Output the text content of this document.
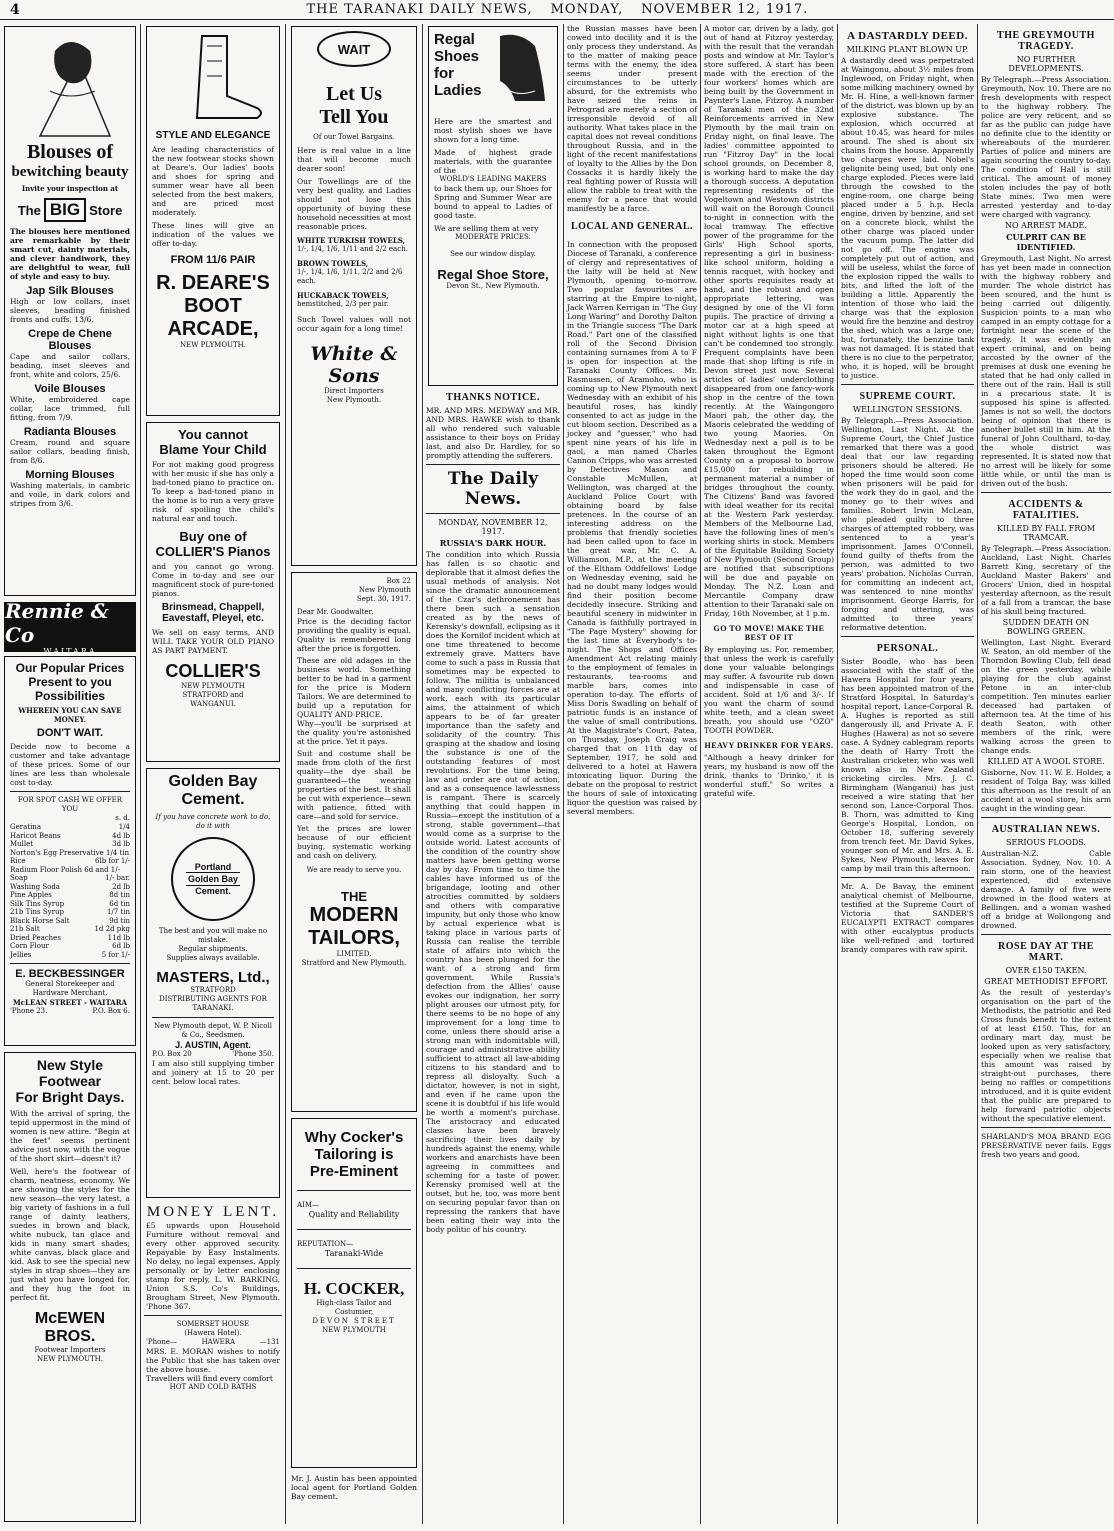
4	THE TARANAKI DAILY NEWS, MONDAY, NOVEMBER 12, 1917.
Blouses of
bewitching beauty
Invite your inspection at
The BIG Store
The blouses here mentioned are remarkable by their smart cut, dainty materials, and clever handiwork, they are delightful to wear, full of style and easy to buy.
Jap Silk Blouses
High or low collars, inset sleeves, beading finished fronts and cuffs, 13/6.
Crepe de Chene Blouses
Cape and sailor collars, beading, inset sleeves and front, white and colors, 25/6.
Voile Blouses
White, embroidered cape collar, lace trimmed, full fitting, from 7/9.
Radianta Blouses
Cream, round and square sailor collars, beading finish, from 8/6.
Morning Blouses
Washing materials, in cambric and voile, in dark colors and stripes from 3/6.
Rennie & Co
WAITARA
Our Popular Prices
Present to you
Possibilities
WHEREIN YOU CAN SAVE MONEY.
DON'T WAIT.
Decide now to become a customer and take advantage of these prices. Some of our lines are less than wholesale cost to-day.
FOR SPOT CASH WE OFFER YOU
s. d.
Geratina	1/4
Haricot Beans	4d lb
Mullet	3d lb
Norton's Egg Preservative 1/4 tin
Rice	6lb for 1/-
Radium Floor Polish 6d and 1/-
Soap	1/- bar.
Washing Soda	2d lb
Pine Apples	8d tin
Silk Tins Syrup	6d tin
21b Tins Syrup	1/7 tin
Black Horse Salt	9d tin
21b Salt	1d 2d pkg
Dried Peaches	11d lb
Corn Flour	6d lb
Jellies	5 for 1/-
E. BECKBESSINGER
General Storekeeper and Hardware Merchant,
McLEAN STREET - WAITARA
'Phone 23.	P.O. Box 6.
New Style Footwear
For Bright Days.
With the arrival of spring, the tepid uppermost in the mind of women is new attire. "Begin at the feet" seems pertinent advice just now, with the vogue of the short skirt—doesn't it?
Well, here's the footwear of charm, neatness, economy. We are showing the styles for the new season—the very latest, a big variety of fashions in a full range of dainty leathers, suedes in brown and black, white nubuck, tan glace and kids in many smart shades; white canvas, black glace and kid. Ask to see the special new styles in strap shoes—they are just what you have longed for, and they hug the foot in perfect fit.
McEWEN BROS.
Footwear Importers
NEW PLYMOUTH.
STYLE AND ELEGANCE
Are leading characteristics of the new footwear stocks shown at Deare's. Our ladies' boots and shoes for spring and summer wear have all been selected from the best makers, and are priced most moderately.
These lines will give an indication of the values we offer to-day.
FROM 11/6 PAIR
R. DEARE'S
BOOT
ARCADE,
NEW PLYMOUTH.
You cannot
Blame Your Child
For not making good progress with her music if she has only a bad-toned piano to practice on. To keep a bad-toned piano in the home is to run a very grave risk of spoiling the child's natural ear and touch.
Buy one of
COLLIER'S Pianos
and you cannot go wrong. Come in to-day and see our magnificent stock of pure-toned pianos.
Brinsmead, Chappell, Eavestaff, Pleyel, etc.
We sell on easy terms, AND WILL TAKE YOUR OLD PIANO AS PART PAYMENT.
COLLIER'S
NEW PLYMOUTH
STRATFORD and
WANGANUI.
Golden Bay
Cement.
If you have concrete work to do, do it with
Portland
Golden Bay
Cement.
The best and you will make no mistake.
Regular shipments.
Supplies always available.
MASTERS, Ltd.,
STRATFORD
DISTRIBUTING AGENTS FOR TARANAKI.
New Plymouth depot, W. P. Nicoll & Co., Seedsmen.
J. AUSTIN, Agent.
P.O. Box 20	'Phone 350.
I am also still supplying timber and joinery at 15 to 20 per cent. below local rates.
MONEY LENT.
£5 upwards upon Household Furniture without removal and every other approved security. Repayable by Easy Instalments. No delay, no legal expenses. Apply personally or by letter enclosing stamp for reply, L. W. BARKING, Union S.S. Co's Buildings, Brougham Street, New Plymouth. 'Phone 367.
SOMERSET HOUSE
(Hawera Hotel).
'Phone—	HAWERA	—131
MRS. E. MORAN wishes to notify the Public that she has taken over the above house.
Travellers will find every comfort
HOT AND COLD BATHS
WAIT
Let Us
Tell You
Of our Towel Bargains.
Here is real value in a line that will become much dearer soon!
Our Towellings are of the very best quality, and Ladies should not lose this opportunity of buying these household necessities at most reasonable prices.
WHITE TURKISH TOWELS,
1/-, 1/4, 1/6, 1/11 and 2/2 each.
BROWN TOWELS,
1/-, 1/4, 1/6, 1/11, 2/2 and 2/6 each.
HUCKABACK TOWELS,
hemstitched, 2/3 per pair.
Such Towel values will not occur again for a long time!
White & Sons
Direct Importers
New Plymouth.
Box 22
New Plymouth
Sept. 30, 1917.
Dear Mr. Goodwalter,
Price is the deciding factor providing the quality is equal.
Quality is remembered long after the price is forgotten.
These are old adages in the business world. Something better to be had in a garment for the price is Modern Tailors. We are determined to build up a reputation for QUALITY AND PRICE.
Why—you'll be surprised at the quality you're astonished at the price. Yet it pays.
Suit and costume shall be made from cloth of the first quality—the dye shall be guaranteed—the wearing properties of the best. It shall be cut with experience—sewn with patience, fitted with care—and sold for service.
Yet the prices are lower because of our efficient buying, systematic working and cash on delivery.
We are ready to serve you.
THE
MODERN
TAILORS,
LIMITED,
Stratford and New Plymouth.
Why Cocker's
Tailoring is
Pre-Eminent
AIM—
Quality and Reliability
REPUTATION—
Taranaki-Wide
H. COCKER,
High-class Tailor and Costumier,
DEVON STREET
NEW PLYMOUTH
Mr. J. Austin has been appointed local agent for Portland Golden Bay cement.
Regal
Shoes
for
Ladies
Here are the smartest and most stylish shoes we have shown for a long time.
Made of highest grade materials, with the guarantee of the
WORLD'S LEADING MAKERS
to back them up, our Shoes for Spring and Summer Wear are bound to appeal to Ladies of good taste.
We are selling them at very
MODERATE PRICES.
See our window display.
Regal Shoe Store,
Devon St., New Plymouth.
THANKS NOTICE.
MR. AND MRS. MEDWAY and MR. AND MRS. HAWKE wish to thank all who rendered such valuable assistance to their boys on Friday last, and also Dr. Hardley, for so promptly attending the sufferers.
The Daily News.
MONDAY, NOVEMBER 12, 1917.
RUSSIA'S DARK HOUR.
The condition into which Russia has fallen is so chaotic and deplorable that it almost defies the usual methods of analysis. Not since the dramatic announcement of the Czar's dethronement has there been such a sensation created as by the news of Kerensky's downfall, eclipsing as it does the Kornilof incident which at one time threatened to become extremely grave. Matters have come to such a pass in Russia that sometimes may be expected to follow. The militia is unbalanced and many conflicting forces are at work, each with its particular aims, the attainment of which appears to be of far greater importance than the safety and solidarity of the country. This grasping at the shadow and losing the substance is one of the outstanding features of most revolutions. For the time being, law and order are out of action, and as a consequence lawlessness is rampant. There is scarcely anything that could happen in Russia—except the institution of a strong, stable government—that would come as a surprise to the outside world. Latest accounts of the condition of the country show matters have been getting worse day by day. From time to time the cables have informed us of the brigandage, looting and other atrocities committed by soldiers and others with comparative impunity, but only those who know by actual experience what is taking place in various parts of Russia can realise the terrible state of affairs into which the country has been plunged for the want of a strong and firm government. While Russia's defection from the Allies' cause evokes our indignation, her sorry plight arouses our utmost pity, for there seems to be no hope of any improvement for a long time to come, unless there should arise a strong man with indomitable will, courage and administrative ability sufficient to attract all law-abiding citizens to his standard and to repress all disloyalty. Such a dictator, however, is not in sight, and even if he came upon the scene it is doubtful if his life would be worth a moment's purchase. The aristocracy and educated classes have been bravely sacrificing their lives daily by hundreds against the enemy, while workers and anarchists have been agreeing in committees and scheming for a taste of power. Kerensky promised well at the outset, but he, too, was more bent on securing popular favor than on repressing the rankers that have been eating their way into the body politic of his country.
the Russian masses have been cowed into docility and it is the only process they understand. As to the matter of making peace terms with the enemy, the idea seems under present circumstances to be utterly absurd, for the extremists who have seized the reins in Petrograd are merely a section of irresponsible devoid of all authority. What takes place in the capital does not reveal conditions throughout Russia, and in the light of the recent manifestations of loyalty to the Allies by the Don Cossacks it is hardly likely the real fighting power of Russia will allow the rabble to treat with the enemy for a peace that would manifestly be a farce.
LOCAL AND GENERAL.
In connection with the proposed Diocese of Taranaki, a conference of clergy and representatives of the laity will be held at New Plymouth, opening to-morrow. Two popular favourites are starring at the Empire to-night, Jack Warren Kerrigan in "The Guy Long Waring" and Dorothy Dalton in the Triangle success "The Dark Road." Part one of the classified roll of the Second Division containing surnames from A to F is open for inspection at the Taranaki County Offices. Mr. Rasmussen, of Aramoho, who is coming up to New Plymouth next Wednesday with an exhibit of his beautiful roses, has kindly consented to act as judge in the cut bloom section. Described as a jockey and "guesser," who had spent nine years of his life in gaol, a man named Charles Cannon Cripps, who was arrested by Detectives Mason and Constable McMullen, at Wellington, was charged at the Auckland Police Court with obtaining board by false pretences. In the course of an interesting address on the problems that friendly societies had been called upon to face in the great war, Mr. C. A. Williamson, M.P., at the meeting of the Eltham Oddfellows' Lodge on Wednesday evening, said he had no doubt many lodges would find their position become decidedly insecure. Striking and beautiful scenery in midwinter in Canada is faithfully portrayed in "The Page Mystery" showing for the last time at Everybody's to-night. The Shops and Offices Amendment Act relating mainly to the employment of females in restaurants, tea-rooms and marble bars, comes into operation to-day. The efforts of Miss Doris Swadling on behalf of patriotic funds is an instance of the value of small contributions. At the Magistrate's Court, Patea, on Thursday, Joseph Craig was charged that on 11th day of September, 1917, he sold and delivered to a hotel at Hawera intoxicating liquor. During the debate on the proposal to restrict the hours of sale of intoxicating liquor the question was raised by several members.
A motor car, driven by a lady, got out of hand at Fitzroy yesterday, with the result that the verandah posts and window at Mr. Taylor's store suffered. A start has been made with the erection of the four workers' homes which are being built by the Government in Paynter's Lane, Fitzroy. A number of Taranaki men of the 32nd Reinforcements arrived in New Plymouth by the mail train on Friday night, on final leave. The ladies' committee appointed to run "Fitzroy Day" in the local school grounds, on December 8, is working hard to make the day a thorough success. A deputation representing residents of the Vogeltown and Westown districts will wait on the Borough Council to-night in connection with the local tramway. The effective power of the programme for the Girls' High School sports, representing a girl in business-like school uniform, holding a tennis racquet, with hockey and other sports requisites ready at hand, and the robust and open appropriate lettering, was designed by one of the VI form pupils. The practice of driving a motor car at a high speed at night without lights is one that can't be condemned too strongly. Frequent complaints have been made that shop lifting is rife in Devon street just now. Several articles of ladies' underclothing disappeared from one fancy-work shop in the centre of the town recently. At the Waingongoro Maori pah, the other day, the Maoris celebrated the wedding of two young Maories. On Wednesday next a poll is to be taken throughout the Egmont County on a proposal to borrow £15,000 for rebuilding in permanent material a number of bridges throughout the county. The Citizens' Band was favored with ideal weather for its recital at the Western Park yesterday. Members of the Melbourne Lad, have the following lines of men's working shirts in stock. Members of the Equitable Building Society of New Plymouth (Second Group) are notified that subscriptions will be due and payable on Monday. The N.Z. Loan and Mercantile Company draw attention to their Taranaki sale on Friday, 16th November, at 1 p.m.
GO TO MOVE! MAKE THE BEST OF IT
By employing us. For, remember, that unless the work is carefully done your valuable belongings may suffer. A favourite rub down and indispensable in case of accident. Sold at 1/6 and 3/-. If you want the charm of sound white teeth, and a clean sweet breath, you should use "OZO" TOOTH POWDER.
HEAVY DRINKER FOR YEARS.
"Although a heavy drinker for years, my husband is now off the drink, thanks to 'Drinko,' it is wonderful stuff." So writes a grateful wife.
A DASTARDLY DEED.
MILKING PLANT BLOWN UP.
A dastardly deed was perpetrated at Waingonu, about 3½ miles from Inglewood, on Friday night, when some milking machinery owned by Mr. H. Hine, a well-known farmer of the district, was blown up by an explosive substance. The explosion, which occurred at about 10.45, was heard for miles around. The shed is about six chains from the house. Apparently two charges were laid. Nobel's gelignite being used, but only one charge exploded. Pieces were laid through the cowshed to the engine-room, one charge being placed under a 5 h.p. Hecla engine, driven by benzine, and set on a concrete block, whilst the other charge was placed under the vacuum pump. The latter did not go off. The engine was completely put out of action, and will be useless, whilst the force of the explosion ripped the walls to bits, and lifted the loft of the building a little. Apparently the intention of those who laid the charge was that the explosion would fire the benzine and destroy the shed, which was a large one; but, fortunately, the benzine tank was not damaged. It is stated that there is no clue to the perpetrator, who, it is hoped, will be brought to justice.
SUPREME COURT.
WELLINGTON SESSIONS.
By Telegraph.—Press Association. Wellington, Last Night. At the Supreme Court, the Chief Justice remarked that there was a good deal that our law regarding prisoners should be altered. He hoped the time would soon come when prisoners will be paid for the work they do in gaol, and the money go to their wives and families. Robert Irwin McLean, who pleaded guilty to three charges of attempted robbery, was sentenced to a year's imprisonment. James O'Connell, found guilty of thefts from the person, was admitted to two years' probation. Nicholas Curran, for committing an indecent act, was sentenced to nine months' imprisonment. George Harris, for forging and uttering, was admitted to three years' reformative detention.
PERSONAL.
Sister Boodle, who has been associated with the staff of the Hawera Hospital for four years, has been appointed matron of the Stratford Hospital. In Saturday's hospital report, Lance-Corporal R. A. Hughes is reported as still dangerously ill, and Private A. F. Hughes (Hawera) as not so severe case. A Sydney cablegram reports the death of Harry Trott the Australian cricketer, who was well known also in New Zealand cricketing circles. Mrs. J. C. Birmingham (Wanganui) has just received a wire stating that her second son, Lance-Corporal Thos. B. Thorn, was admitted to King George's Hospital, London, on October 18, suffering severely from trench feet. Mr. David Sykes, younger son of Mr. and Mrs. A. E. Sykes, New Plymouth, leaves for camp by mail train this afternoon.
Mr. A. De Bavay, the eminent analytical chemist of Melbourne, testified at the Supreme Court of Victoria that SANDER'S EUCALYPTI EXTRACT compares with other eucalyptus products like well-refined and tortured brandy compares with raw spirit.
THE GREYMOUTH TRAGEDY.
NO FURTHER DEVELOPMENTS.
By Telegraph.—Press Association. Greymouth, Nov. 10. There are no fresh developments with respect to the highway robbery. The police are very reticent, and so far as the public can judge have no definite clue to the identity or whereabouts of the murderer. Parties of police and miners are again scouring the country to-day. The condition of Hall is still critical. The amount of money stolen includes the pay of both State mines. Two men were arrested yesterday and to-day were charged with vagrancy.
NO ARREST MADE.
CULPRIT CAN BE IDENTIFIED.
Greymouth, Last Night. No arrest has yet been made in connection with the highway robbery and murder. The whole district has been scoured, and the hunt is being carried out diligently. Suspicion points to a man who camped in an empty cottage for a fortnight near the scene of the tragedy. It was evidently an expert criminal, and on being accosted by the owner of the premises at dusk one evening he stated that he had only called in there out of the rain. Hall is still in a precarious state. It is supposed his spine is affected. James is not so well, the doctors being of opinion that there is another bullet still in him. At the funeral of John Coulthard, to-day, the whole district was represented. It is stated now that no arrest will be likely for some little while, or until the man is driven out of the bush.
ACCIDENTS & FATALITIES.
KILLED BY FALL FROM TRAMCAR.
By Telegraph.—Press Association. Auckland, Last Night. Charles Barrett King, secretary of the Auckland Master Bakers' and Grocers' Union, died in hospital yesterday afternoon, as the result of a fall from a tramcar, the base of his skull being fractured.
SUDDEN DEATH ON BOWLING GREEN.
Wellington, Last Night. Everard W. Seaton, an old member of the Thorndon Bowling Club, fell dead on the green yesterday, while playing for the club against Petone in an inter-club competition. Ten minutes earlier deceased had partaken of afternoon tea. At the time of his death Seaton, with other members of the rink, were walking across the green to change ends.
KILLED AT A WOOL STORE.
Gisborne, Nov. 11. W. E. Holder, a resident of Tolga Bay, was killed this afternoon as the result of an accident at a wool store, his arm caught in the winding gear.
AUSTRALIAN NEWS.
SERIOUS FLOODS.
Australian-N.Z. Cable Association. Sydney, Nov. 10. A rain storm, one of the heaviest experienced, did extensive damage. A family of five were drowned in the flood waters at Bellingen, and a woman washed off a bridge at Wollongong and drowned.
ROSE DAY AT THE MART.
OVER £150 TAKEN.
GREAT METHODIST EFFORT.
As the result of yesterday's organisation on the part of the Methodists, the patriotic and Red Cross funds benefit to the extent of at least £150. This, for an ordinary mart day, must be looked upon as very satisfactory, especially when we realise that this amount was raised by straight-out purchases, there being no raffles or competitions introduced, and it is quite evident that the public are prepared to help forward patriotic objects without the speculative element.
SHARLAND'S MOA BRAND EGG PRESERVATIVE never fails. Eggs fresh two years and good.
